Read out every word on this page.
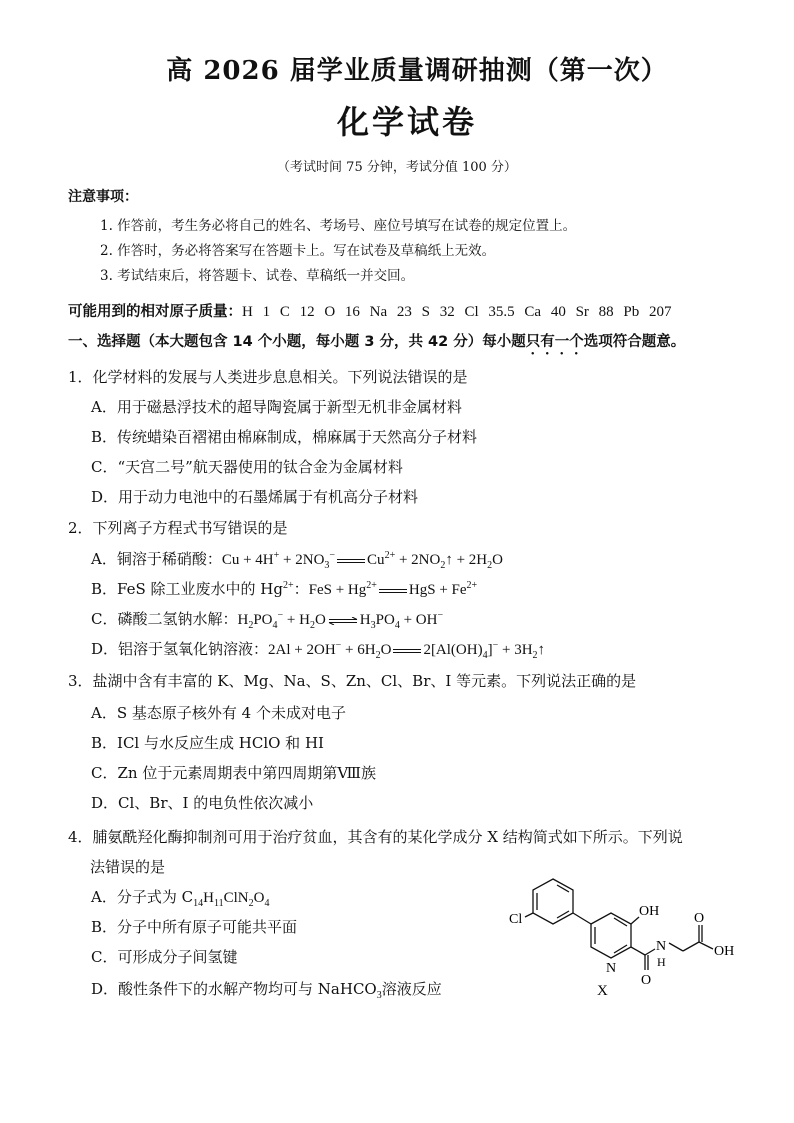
高 2026 届学业质量调研抽测（第一次）
化学试卷
（考试时间 75 分钟，考试分值 100 分）
注意事项：
1. 作答前，考生务必将自己的姓名、考场号、座位号填写在试卷的规定位置上。
2. 作答时，务必将答案写在答题卡上。写在试卷及草稿纸上无效。
3. 考试结束后，将答题卡、试卷、草稿纸一并交回。
可能用到的相对原子质量：H 1 C 12 O 16 Na 23 S 32 Cl 35.5 Ca 40 Sr 88 Pb 207
一、选择题（本大题包含 14 个小题，每小题 3 分，共 42 分）每小题只有一个选项符合题意。
1．化学材料的发展与人类进步息息相关。下列说法错误的是
A．用于磁悬浮技术的超导陶瓷属于新型无机非金属材料
B．传统蜡染百褶裙由棉麻制成，棉麻属于天然高分子材料
C．“天宫二号”航天器使用的钛合金为金属材料
D．用于动力电池中的石墨烯属于有机高分子材料
2．下列离子方程式书写错误的是
A．铜溶于稀硝酸：$Cu + 4H^+ + 2NO_3^-$ $Cu^{2+}$ + $2NO_2↑ + 2H_2O$
B．FeS 除工业废水中的 $Hg^{2+}$：FeS + $Hg^{2+}$ HgS + $Fe^{2+}$
C．磷酸二氢钠水解：$H_2PO_4^- + H_2O$ ⇌ $H_3PO_4 + OH^-$
D．铝溶于氢氧化钠溶液：$2Al + 2OH^- + 6H_2O$ $2[Al(OH)_4]^-$ + $3H_2↑$
3．盐湖中含有丰富的 K、Mg、Na、S、Zn、Cl、Br、I 等元素。下列说法正确的是
A．S 基态原子核外有 4 个未成对电子
B．ICl 与水反应生成 HClO 和 HI
C．Zn 位于元素周期表中第四周期第Ⅷ族
D．Cl、Br、I 的电负性依次减小
4．脯氨酰羟化酶抑制剂可用于治疗贫血，其含有的某化学成分 X 结构简式如下所示。下列说
法错误的是
A．分子式为 $C_{14}H_{11}ClN_2O_4$
B．分子中所有原子可能共平面
C．可形成分子间氢键
D．酸性条件下的水解产物均可与 NaHCO$_3$溶液反应
Cl
OH
N
N
H
O
O
OH
X
